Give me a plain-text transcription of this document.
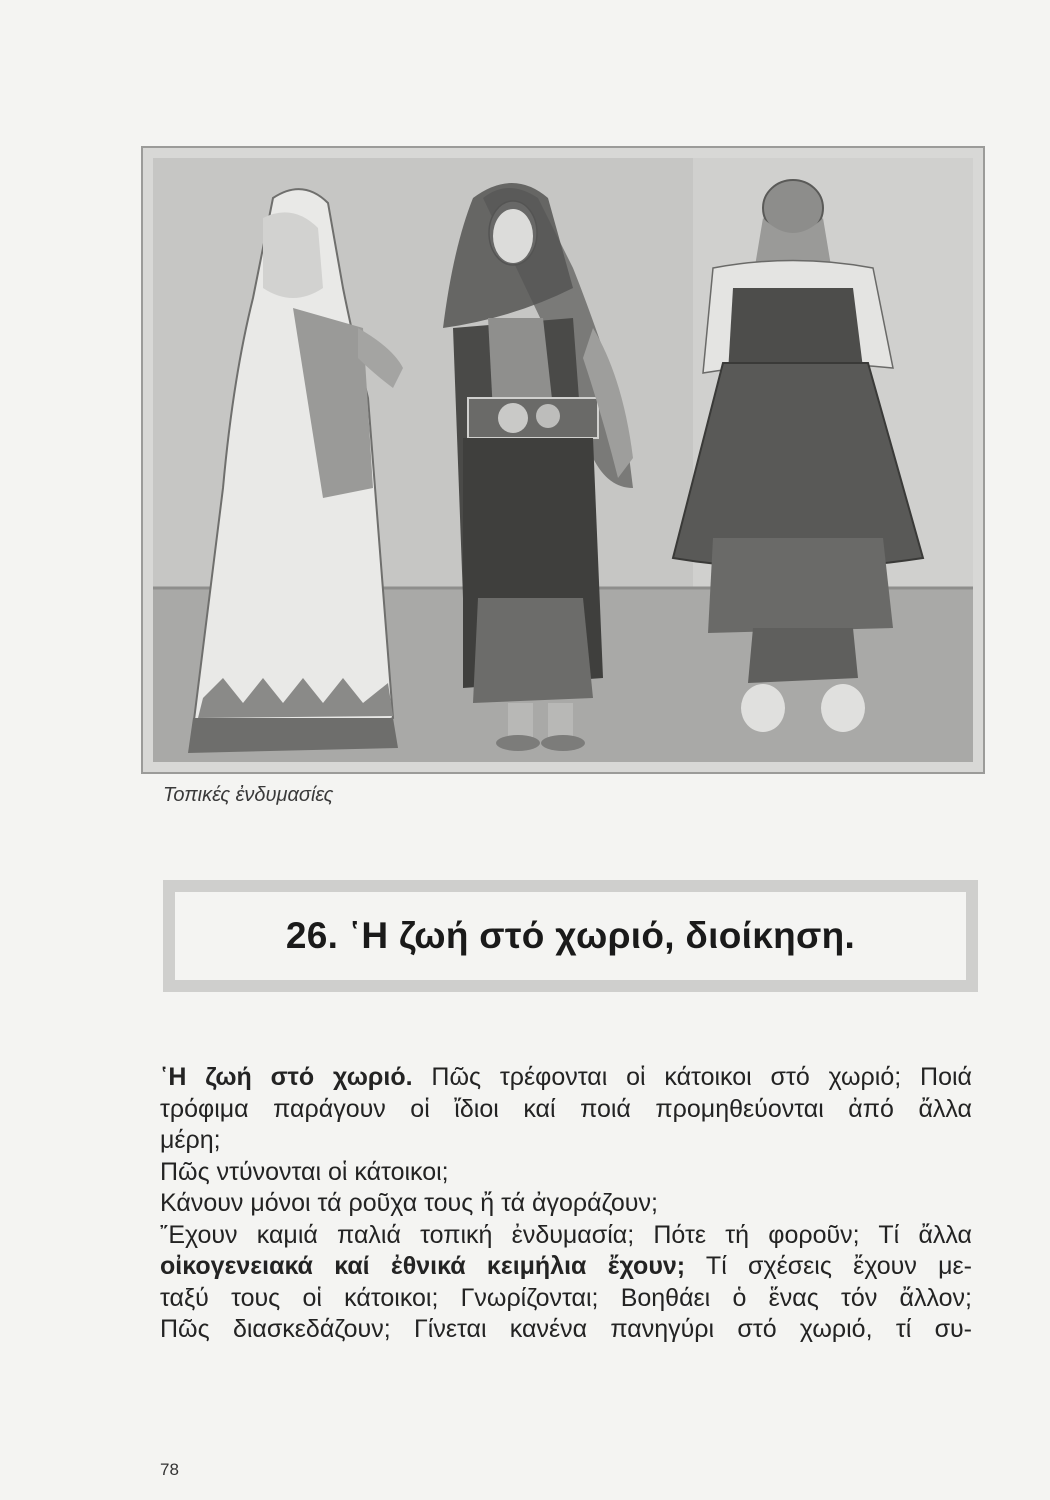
Τοπικές ἐνδυμασίες
26. ῾Η ζωή στό χωριό, διοίκηση.
῾Η ζωή στό χωριό. Πῶς τρέφονται οἱ κάτοικοι στό χωριό; Ποιά
τρόφιμα παράγουν οἱ ἴδιοι καί ποιά προμηθεύονται ἀπό ἄλλα
μέρη;
Πῶς ντύνονται οἱ κάτοικοι;
Κάνουν μόνοι τά ροῦχα τους ἤ τά ἀγοράζουν;
῎Εχουν καμιά παλιά τοπική ἐνδυμασία; Πότε τή φοροῦν; Τί ἄλλα
οἰκογενειακά καί ἐθνικά κειμήλια ἔχουν; Τί σχέσεις ἔχουν με-
ταξύ τους οἱ κάτοικοι; Γνωρίζονται; Βοηθάει ὁ ἕνας τόν ἄλλον;
Πῶς διασκεδάζουν; Γίνεται κανένα πανηγύρι στό χωριό, τί συ-
78
